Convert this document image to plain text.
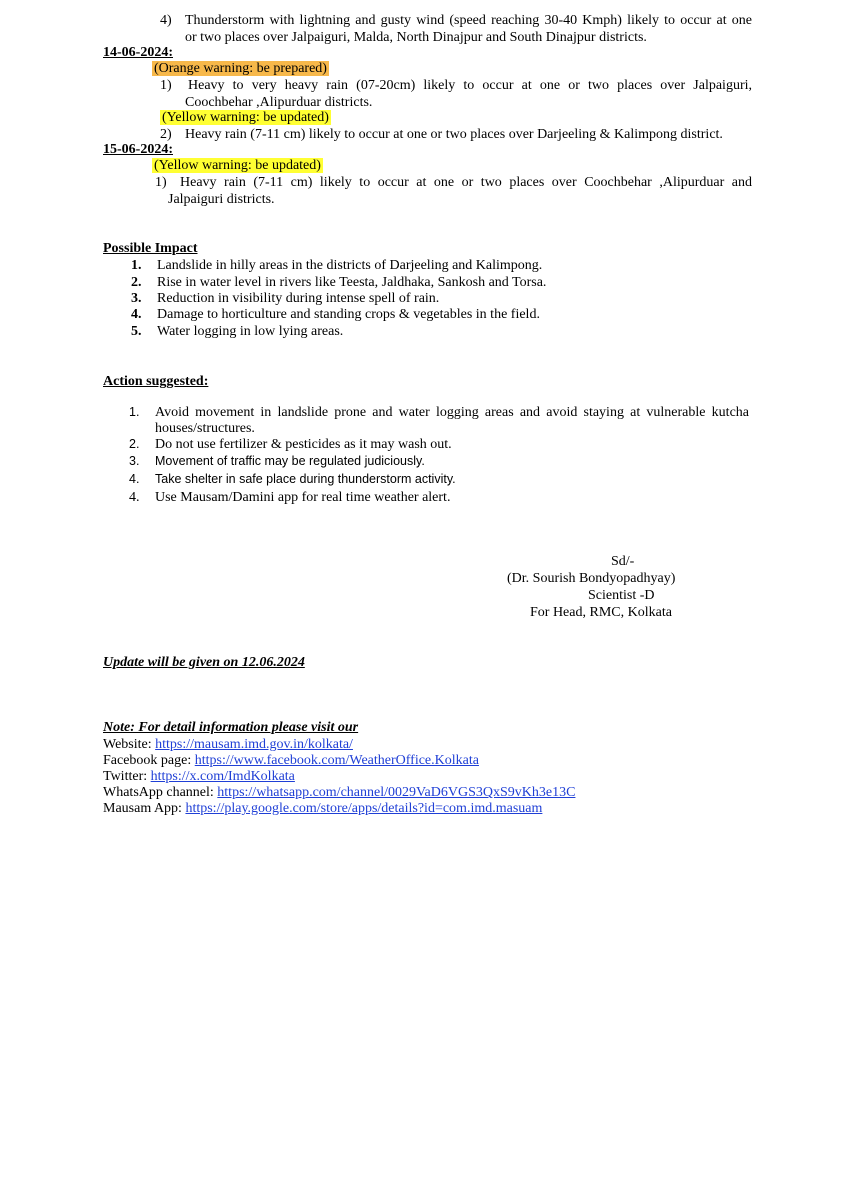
4) Thunderstorm with lightning and gusty wind (speed reaching 30-40 Kmph) likely to occur at one
or two places over Jalpaiguri, Malda, North Dinajpur and South Dinajpur districts.
14-06-2024:
(Orange warning: be prepared)
1) Heavy to very heavy rain (07-20cm) likely to occur at one or two places over Jalpaiguri,
Coochbehar ,Alipurduar districts.
(Yellow warning: be updated)
2) Heavy rain (7-11 cm) likely to occur at one or two places over Darjeeling & Kalimpong district.
15-06-2024:
(Yellow warning: be updated)
1) Heavy rain (7-11 cm) likely to occur at one or two places over Coochbehar ,Alipurduar and
Jalpaiguri districts.
Possible Impact
1. Landslide in hilly areas in the districts of Darjeeling and Kalimpong.
2. Rise in water level in rivers like Teesta, Jaldhaka, Sankosh and Torsa.
3. Reduction in visibility during intense spell of rain.
4. Damage to horticulture and standing crops & vegetables in the field.
5. Water logging in low lying areas.
Action suggested:
1. Avoid movement in landslide prone and water logging areas and avoid staying at vulnerable kutcha
houses/structures.
2. Do not use fertilizer & pesticides as it may wash out.
3. Movement of traffic may be regulated judiciously.
4. Take shelter in safe place during thunderstorm activity.
4. Use Mausam/Damini app for real time weather alert.
Sd/-
(Dr. Sourish Bondyopadhyay)
Scientist -D
For Head, RMC, Kolkata
Update will be given on 12.06.2024
Note: For detail information please visit our
Website: https://mausam.imd.gov.in/kolkata/
Facebook page: https://www.facebook.com/WeatherOffice.Kolkata
Twitter: https://x.com/ImdKolkata
WhatsApp channel: https://whatsapp.com/channel/0029VaD6VGS3QxS9vKh3e13C
Mausam App: https://play.google.com/store/apps/details?id=com.imd.masuam
